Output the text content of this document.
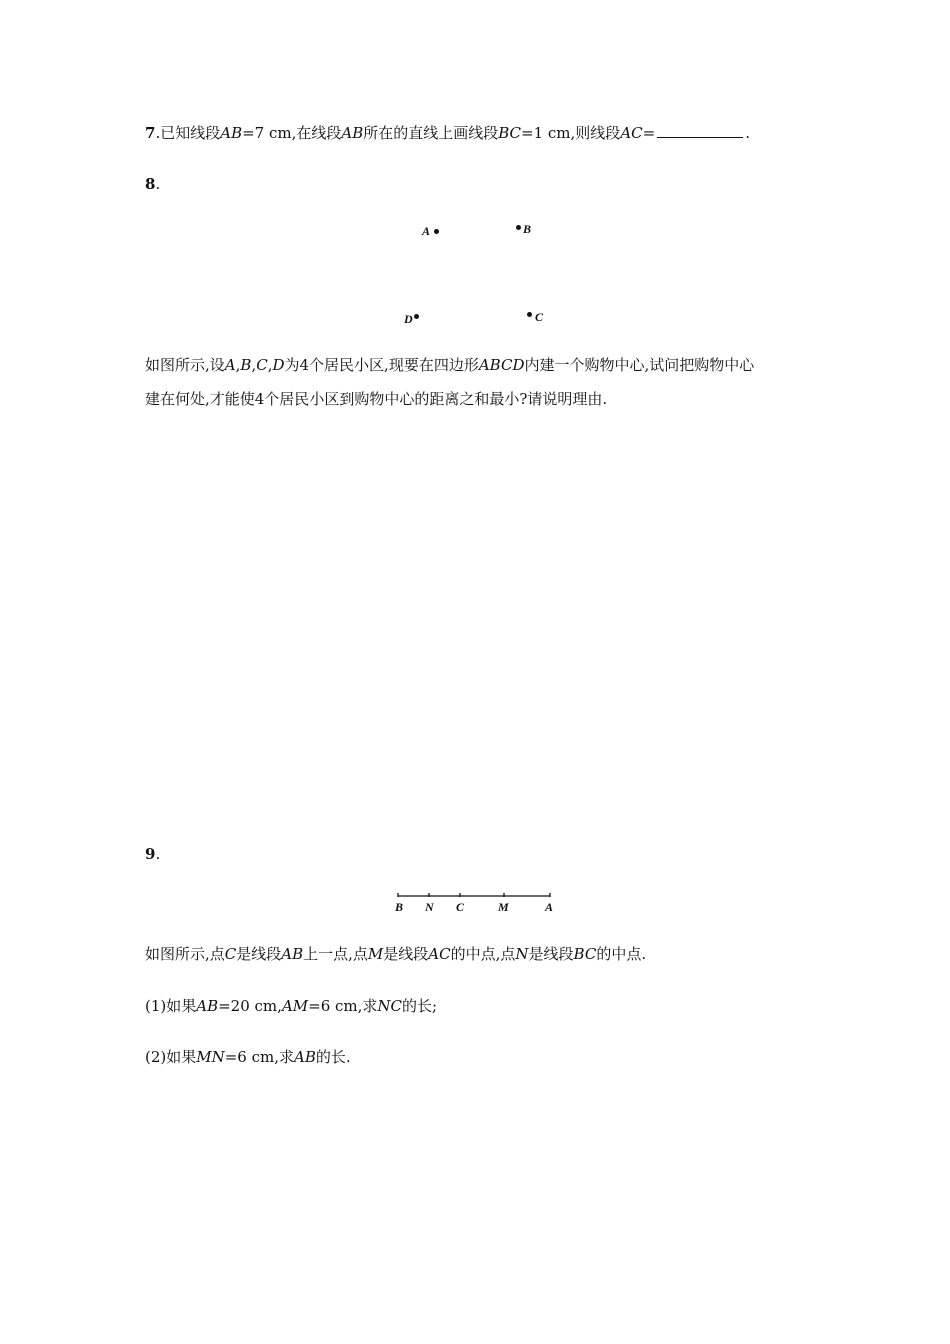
7.已知线段AB=7 cm,在线段AB所在的直线上画线段BC=1 cm,则线段AC=	.
8.
A	B
D	C
如图所示,设A,B,C,D为4个居民小区,现要在四边形ABCD内建一个购物中心,试问把购物中心
建在何处,才能使4个居民小区到购物中心的距离之和最小?请说明理由.
9.
B N C	M	A
如图所示,点C是线段AB上一点,点M是线段AC的中点,点N是线段BC的中点.
(1)如果AB=20 cm,AM=6 cm,求NC的长;
(2)如果MN=6 cm,求AB的长.
